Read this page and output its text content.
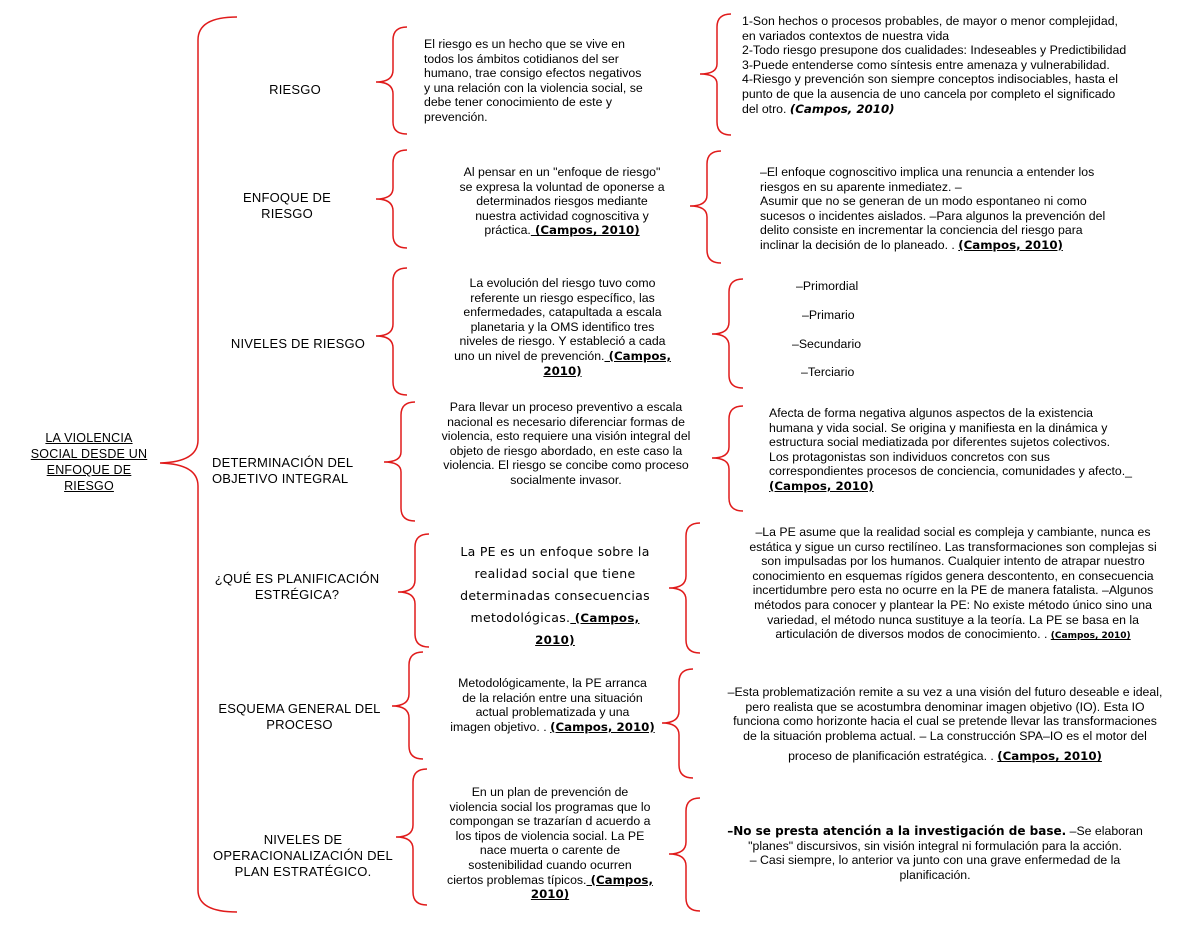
LA VIOLENCIA
SOCIAL DESDE UN
ENFOQUE DE
RIESGO
RIESGO
El riesgo es un hecho que se vive en
todos los ámbitos cotidianos del ser
humano, trae consigo efectos negativos
y una relación con la violencia social, se
debe tener conocimiento de este y
prevención.
1-Son hechos o procesos probables, de mayor o menor complejidad,
en variados contextos de nuestra vida
2-Todo riesgo presupone dos cualidades: Indeseables y Predictibilidad
3-Puede entenderse como síntesis entre amenaza y vulnerabilidad.
4-Riesgo y prevención son siempre conceptos indisociables, hasta el
punto de que la ausencia de uno cancela por completo el significado
del otro. (Campos, 2010)
ENFOQUE DE
RIESGO
Al pensar en un "enfoque de riesgo"
se expresa la voluntad de oponerse a
determinados riesgos mediante
nuestra actividad cognoscitiva y
práctica. (Campos, 2010)
–El enfoque cognoscitivo implica una renuncia a entender los
riesgos en su aparente inmediatez. –
Asumir que no se generan de un modo espontaneo ni como
sucesos o incidentes aislados. –Para algunos la prevención del
delito consiste en incrementar la conciencia del riesgo para
inclinar la decisión de lo planeado. . (Campos, 2010)
NIVELES DE RIESGO
La evolución del riesgo tuvo como
referente un riesgo específico, las
enfermedades, catapultada a escala
planetaria y la OMS identifico tres
niveles de riesgo. Y estableció a cada
uno un nivel de prevención. (Campos,
2010)
–Primordial
–Primario
–Secundario
–Terciario
DETERMINACIÓN DEL
OBJETIVO INTEGRAL
Para llevar un proceso preventivo a escala
nacional es necesario diferenciar formas de
violencia, esto requiere una visión integral del
objeto de riesgo abordado, en este caso la
violencia. El riesgo se concibe como proceso
socialmente invasor.
Afecta de forma negativa algunos aspectos de la existencia
humana y vida social. Se origina y manifiesta en la dinámica y
estructura social mediatizada por diferentes sujetos colectivos.
Los protagonistas son individuos concretos con sus
correspondientes procesos de conciencia, comunidades y afecto._
(Campos, 2010)
¿QUÉ ES PLANIFICACIÓN
ESTRÉGICA?
La PE es un enfoque sobre la
realidad social que tiene
determinadas consecuencias
metodológicas. (Campos,
2010)
–La PE asume que la realidad social es compleja y cambiante, nunca es
estática y sigue un curso rectilíneo. Las transformaciones son complejas si
son impulsadas por los humanos. Cualquier intento de atrapar nuestro
conocimiento en esquemas rígidos genera descontento, en consecuencia
incertidumbre pero esta no ocurre en la PE de manera fatalista. –Algunos
métodos para conocer y plantear la PE: No existe método único sino una
variedad, el método nunca sustituye a la teoría. La PE se basa en la
articulación de diversos modos de conocimiento. . (Campos, 2010)
ESQUEMA GENERAL DEL
PROCESO
Metodológicamente, la PE arranca
de la relación entre una situación
actual problematizada y una
imagen objetivo. . (Campos, 2010)
–Esta problematización remite a su vez a una visión del futuro deseable e ideal,
pero realista que se acostumbra denominar imagen objetivo (IO). Esta IO
funciona como horizonte hacia el cual se pretende llevar las transformaciones
de la situación problema actual. – La construcción SPA–IO es el motor del
proceso de planificación estratégica. . (Campos, 2010)
NIVELES DE
OPERACIONALIZACIÓN DEL
PLAN ESTRATÉGICO.
En un plan de prevención de
violencia social los programas que lo
compongan se trazarían d acuerdo a
los tipos de violencia social. La PE
nace muerta o carente de
sostenibilidad cuando ocurren
ciertos problemas típicos. (Campos,
2010)
–No se presta atención a la investigación de base. –Se elaboran
"planes" discursivos, sin visión integral ni formulación para la acción.
– Casi siempre, lo anterior va junto con una grave enfermedad de la
planificación.
